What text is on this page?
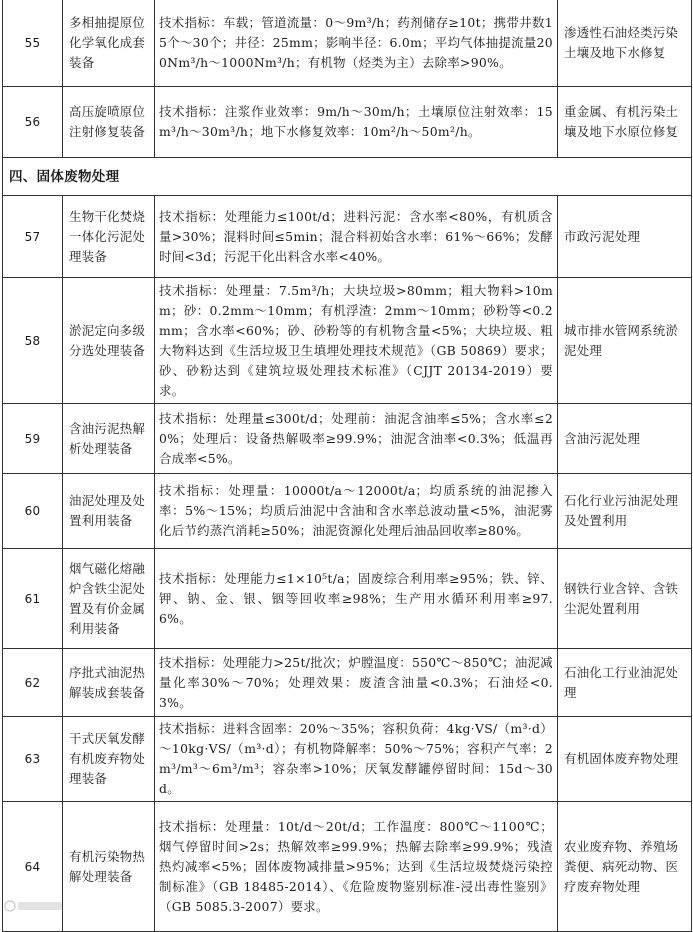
55	多相抽提原位化学氧化成套装备	技术指标：车载；管道流量：0～9m³/h；药剂储存≥10t；携带井数15个～30个；井径：25mm；影响半径：6.0m；平均气体抽提流量200Nm³/h～1000Nm³/h；有机物（烃类为主）去除率>90%。	渗透性石油烃类污染土壤及地下水修复
56	高压旋喷原位注射修复装备	技术指标：注浆作业效率：9m/h～30m/h；土壤原位注射效率：15m³/h～30m³/h；地下水修复效率：10m²/h～50m²/h。	重金属、有机污染土壤及地下水原位修复
四、固体废物处理			
57	生物干化焚烧一体化污泥处理装备	技术指标：处理能力≤100t/d；进料污泥：含水率<80%，有机质含量>30%；混料时间≤5min；混合料初始含水率：61%～66%；发酵时间<3d；污泥干化出料含水率<40%。	市政污泥处理
58	淤泥定向多级分选处理装备	技术指标：处理量：7.5m³/h；大块垃圾>80mm；粗大物料>10mm；砂：0.2mm～10mm；有机浮渣：2mm～10mm；砂粉等<0.2mm；含水率<60%；砂、砂粉等的有机物含量<5%；大块垃圾、粗大物料达到《生活垃圾卫生填埋处理技术规范》（GB 50869）要求；砂、砂粉达到《建筑垃圾处理技术标准》（CJJT 20134-2019）要求。	城市排水管网系统淤泥处理
59	含油污泥热解析处理装备	技术指标：处理量≤300t/d；处理前：油泥含油率≤5%；含水率≤20%；处理后：设备热解吸率≥99.9%；油泥含油率<0.3%；低温再合成率<5%。	含油污泥处理
60	油泥处理及处置利用装备	技术指标：处理量：10000t/a～12000t/a；均质系统的油泥掺入率：5%～15%；均质后油泥中含油和含水率总波动量<5%，油泥雾化后节约蒸汽消耗≥50%；油泥资源化处理后油品回收率≥80%。	石化行业污油泥处理及处置利用
61	烟气磁化熔融炉含铁尘泥处置及有价金属利用装备	技术指标：处理能力≤1×10⁵t/a；固废综合利用率≥95%；铁、锌、钾、钠、金、银、铟等回收率≥98%；生产用水循环利用率≥97.6%。	钢铁行业含锌、含铁尘泥处置利用
62	序批式油泥热解装成套装备	技术指标：处理能力>25t/批次；炉膛温度：550℃～850℃；油泥减量化率30%～70%；处理效果：废渣含油量<0.3%；石油烃<0.3%。	石油化工行业油泥处理
63	干式厌氧发酵有机废弃物处理装备	技术指标：进料含固率：20%～35%；容积负荷：4kg·VS/（m³·d）～10kg·VS/（m³·d）；有机物降解率：50%～75%；容积产气率：2m³/m³～6m³/m³；容杂率>10%；厌氧发酵罐停留时间：15d～30d。	有机固体废弃物处理
64	有机污染物热解处理装备	技术指标：处理量：10t/d～20t/d；工作温度：800℃～1100℃；烟气停留时间>2s；热解效率≥99.9%；热解去除率≥99.9%；残渣热灼减率<5%；固体废物减排量>95%；达到《生活垃圾焚烧污染控制标准》（GB 18485-2014）、《危险废物鉴别标准-浸出毒性鉴别》（GB 5085.3-2007）要求。	农业废弃物、养殖场粪便、病死动物、医疗废弃物处理
